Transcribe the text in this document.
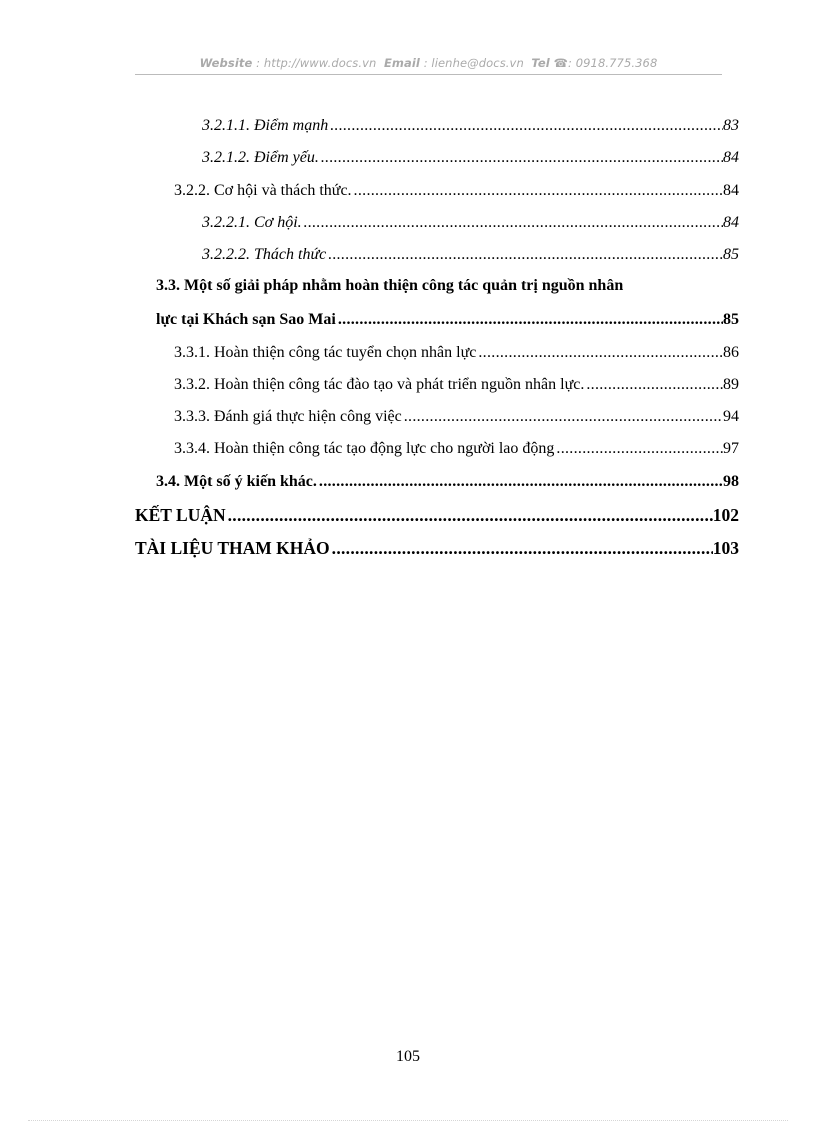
Website : http://www.docs.vn Email : lienhe@docs.vn Tel ☎: 0918.775.368
3.2.1.1. Điểm mạnh .....	83
3.2.1.2. Điểm yếu. .....	84
3.2.2. Cơ hội và thách thức. .....	84
3.2.2.1. Cơ hội. .....	84
3.2.2.2. Thách thức .....	85
3.3. Một số giải pháp nhằm hoàn thiện công tác quản trị nguồn nhân
lực tại Khách sạn Sao Mai .....	85
3.3.1. Hoàn thiện công tác tuyển chọn nhân lực .....	86
3.3.2. Hoàn thiện công tác đào tạo và phát triển nguồn nhân lực. .....	89
3.3.3. Đánh giá thực hiện công việc .....	94
3.3.4. Hoàn thiện công tác tạo động lực cho người lao động .....	97
3.4. Một số ý kiến khác. .....	98
KẾT LUẬN .....	102
TÀI LIỆU THAM KHẢO .....	103
105
